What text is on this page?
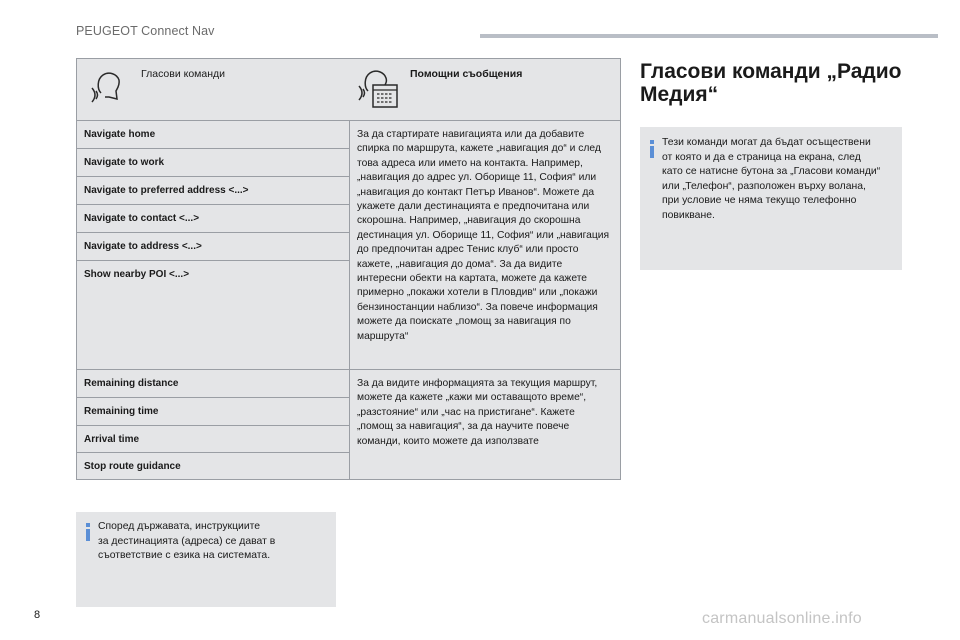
PEUGEOT Connect Nav
Гласови команди	Помощни съобщения
Navigate home
Navigate to work
Navigate to preferred address <...>
Navigate to contact <...>
Navigate to address <...>
Show nearby POI <...>
За да стартирате навигацията или да добавите
спирка по маршрута, кажете „навигация до“ и след
това адреса или името на контакта. Например,
„навигация до адрес ул. Оборище 11, София“ или
„навигация до контакт Петър Иванов“. Можете да
укажете дали дестинацията е предпочитана или
скорошна. Например, „навигация до скорошна
дестинация ул. Оборище 11, София“ или „навигация
до предпочитан адрес Тенис клуб“ или просто
кажете, „навигация до дома“. За да видите
интересни обекти на картата, можете да кажете
примерно „покажи хотели в Пловдив“ или „покажи
бензиностанции наблизо“. За повече информация
можете да поискате „помощ за навигация по
маршрута“
Remaining distance
Remaining time
Arrival time
Stop route guidance
За да видите информацията за текущия маршрут,
можете да кажете „кажи ми оставащото време“,
„разстояние“ или „час на пристигане“. Кажете
„помощ за навигация“, за да научите повече
команди, които можете да използвате
Според държавата, инструкциите
за дестинацията (адреса) се дават в
съответствие с езика на системата.
Гласови команди „Радио
Медия“
Тези команди могат да бъдат осъществени
от която и да е страница на екрана, след
като се натисне бутона за „Гласови команди“
или „Телефон“, разположен върху волана,
при условие че няма текущо телефонно
повикване.
8	carmanualsonline.info
